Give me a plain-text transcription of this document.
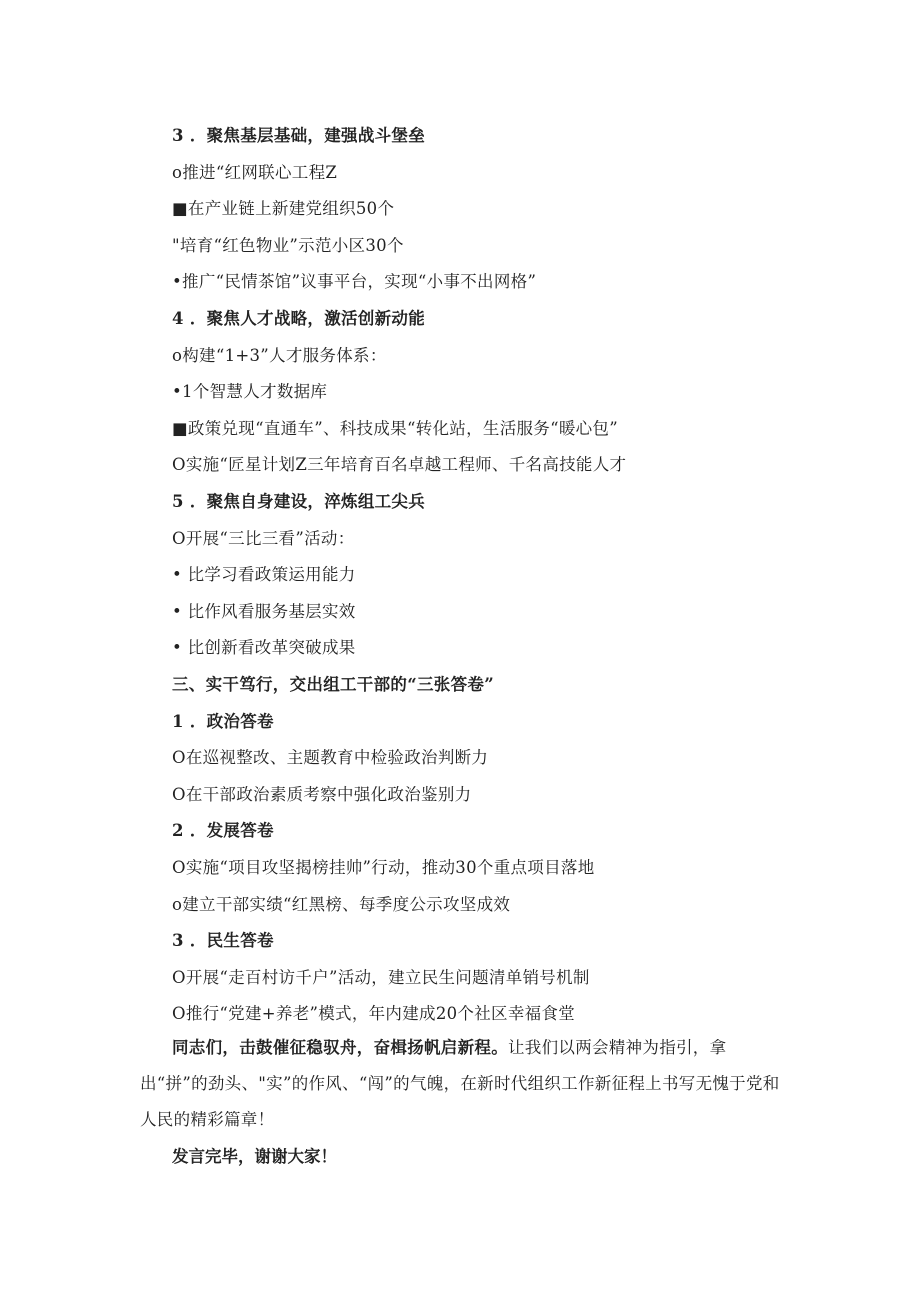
3 ．聚焦基层基础，建强战斗堡垒
o推进“红网联心工程Z
■在产业链上新建党组织50个
"培育“红色物业”示范小区30个
•推广“民情茶馆”议事平台，实现“小事不出网格”
4 ．聚焦人才战略，激活创新动能
o构建“1+3”人才服务体系：
•1个智慧人才数据库
■政策兑现“直通车”、科技成果“转化站，生活服务“暖心包”
O实施“匠星计划Z三年培育百名卓越工程师、千名高技能人才
5 ．聚焦自身建设，淬炼组工尖兵
O开展“三比三看”活动：
• 比学习看政策运用能力
• 比作风看服务基层实效
• 比创新看改革突破成果
三、实干笃行，交出组工干部的“三张答卷”
1 ．政治答卷
O在巡视整改、主题教育中检验政治判断力
O在干部政治素质考察中强化政治鉴别力
2 ．发展答卷
O实施“项目攻坚揭榜挂帅”行动，推动30个重点项目落地
o建立干部实绩“红黑榜、每季度公示攻坚成效
3 ．民生答卷
O开展“走百村访千户”活动，建立民生问题清单销号机制
O推行“党建+养老”模式，年内建成20个社区幸福食堂
同志们，击鼓催征稳驭舟，奋楫扬帆启新程。让我们以两会精神为指引，拿出“拼”的劲头、"实”的作风、“闯”的气魄，在新时代组织工作新征程上书写无愧于党和人民的精彩篇章！
发言完毕，谢谢大家！
